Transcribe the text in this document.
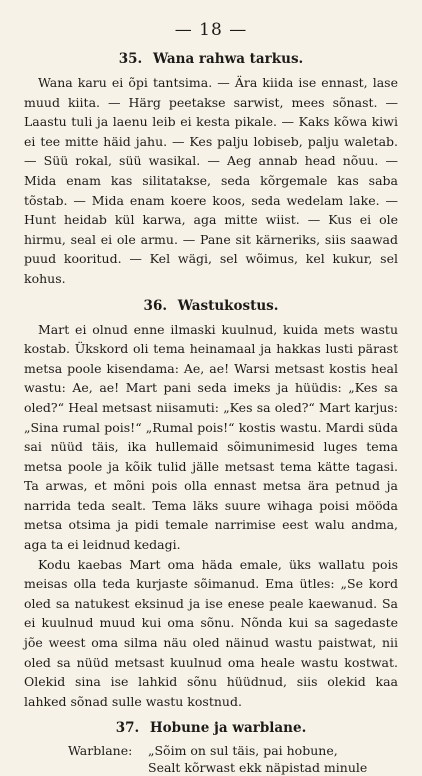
— 18 —
35. Wana rahwa tarkus.

Wana karu ei õpi tantsima. — Ära kiida ise ennast, lase muud kiita. — Härg peetakse sarwist, mees sõnast. — Laastu tuli ja laenu leib ei kesta pikale. — Kaks kõwa kiwi ei tee mitte häid jahu. — Kes palju lobiseb, palju waletab. — Süü rokal, süü wasikal. — Aeg annab head nõuu. — Mida enam kas silitatakse, seda kõrgemale kas saba tõstab. — Mida enam koere koos, seda wedelam lake. — Hunt heidab kül karwa, aga mitte wiist. — Kus ei ole hirmu, seal ei ole armu. — Pane sit kärneriks, siis saawad puud kooritud. — Kel wägi, sel wõimus, kel kukur, sel kohus.

36. Wastukostus.

Mart ei olnud enne ilmaski kuulnud, kuida mets wastu kostab. Ükskord oli tema heinamaal ja hakkas lusti pärast metsa poole kisendama: Ae, ae! Warsi metsast kostis heal wastu: Ae, ae! Mart pani seda imeks ja hüüdis: „Kes sa oled?“ Heal metsast niisamuti: „Kes sa oled?“ Mart karjus: „Sina rumal pois!“ „Rumal pois!“ kostis wastu. Mardi süda sai nüüd täis, ika hullemaid sõimunimesid luges tema metsa poole ja kõik tulid jälle metsast tema kätte tagasi. Ta arwas, et mõni pois olla ennast metsa ära petnud ja narrida teda sealt. Tema läks suure wihaga poisi mööda metsa otsima ja pidi temale narrimise eest walu andma, aga ta ei leidnud kedagi.

Kodu kaebas Mart oma häda emale, üks wallatu pois meisas olla teda kurjaste sõimanud. Ema ütles: „Se kord oled sa natukest eksinud ja ise enese peale kaewanud. Sa ei kuulnud muud kui oma sõnu. Nõnda kui sa sagedaste jõe weest oma silma näu oled näinud wastu paistwat, nii oled sa nüüd metsast kuulnud oma heale wastu kostwat. Olekid sina ise lahkid sõnu hüüdnud, siis olekid kaa lahked sõnad sulle wastu kostnud.

37. Hobune ja warblane.
Warblane:	„Sõim on sul täis, pai hobune,
Sealt kõrwast ekk näpistad minule
